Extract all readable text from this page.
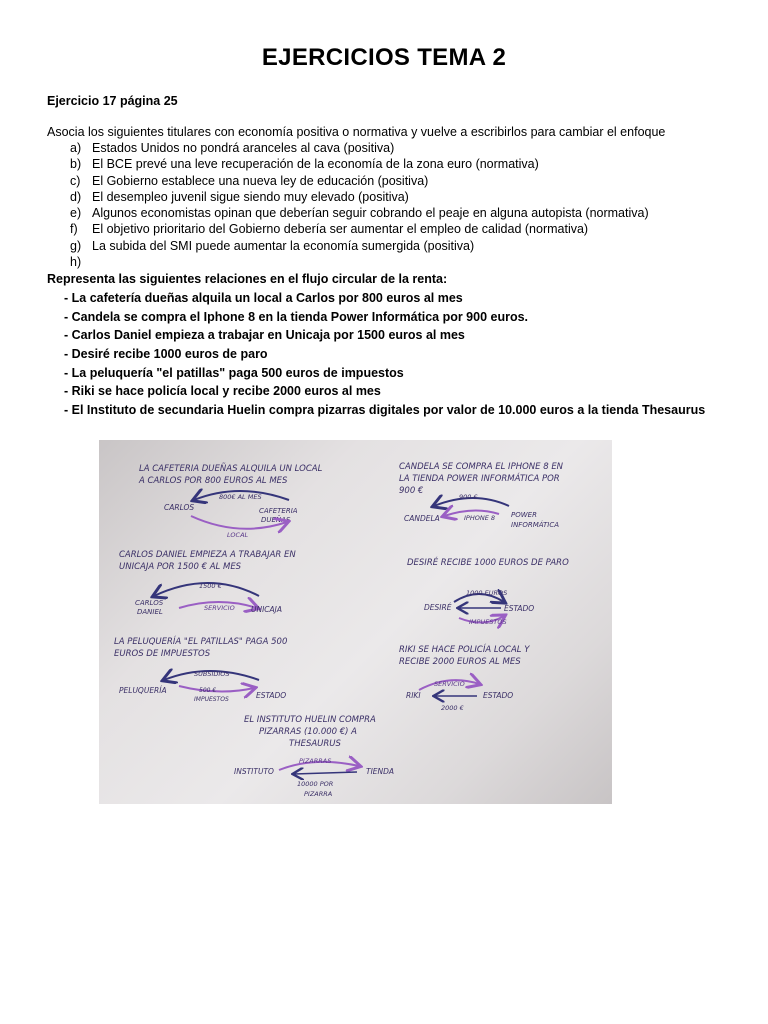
EJERCICIOS TEMA 2
Ejercicio 17 página 25
Asocia los siguientes titulares con economía positiva o normativa y vuelve a escribirlos para cambiar el enfoque
a) Estados Unidos no pondrá aranceles al cava (positiva)
b) El BCE prevé una leve recuperación de la economía de la zona euro (normativa)
c) El Gobierno establece una nueva ley de educación (positiva)
d) El desempleo juvenil sigue siendo muy elevado (positiva)
e) Algunos economistas opinan que deberían seguir cobrando el peaje en alguna autopista (normativa)
f)	El objetivo prioritario del Gobierno debería ser aumentar el empleo de calidad (normativa)
g) La subida del SMI puede aumentar la economía sumergida (positiva)
h)
Representa las siguientes relaciones en el flujo circular de la renta:
- La cafetería dueñas alquila un local a Carlos por 800 euros al mes
- Candela se compra el Iphone 8 en la tienda Power Informática por 900 euros.
- Carlos Daniel empieza a trabajar en Unicaja por 1500 euros al mes
- Desiré recibe 1000 euros de paro
- La peluquería "el patillas" paga 500 euros de impuestos
- Riki se hace policía local y recibe 2000 euros al mes
- El Instituto de secundaria Huelin compra pizarras digitales por valor de 10.000 euros a la tienda Thesaurus
LA CAFETERIA DUEÑAS ALQUILA UN LOCAL
A CARLOS POR 800 EUROS AL MES
800€ AL MES
CARLOS	CAFETERIA
DUEÑAS
LOCAL
CANDELA SE COMPRA EL IPHONE 8 EN
LA TIENDA POWER INFORMÁTICA POR
900 €
900 €
CANDELA	IPHONE 8 POWER
INFORMÁTICA
CARLOS DANIEL EMPIEZA A TRABAJAR EN
UNICAJA POR 1500 € AL MES
1500 €
CARLOS
DANIEL	SERVICIO UNICAJA
DESIRÉ RECIBE 1000 EUROS DE PARO
1000 EUROS
DESIRÉ	ESTADO
IMPUESTOS
LA PELUQUERÍA "EL PATILLAS" PAGA 500
EUROS DE IMPUESTOS
SUBSIDIOS
PELUQUERÍA	500 €
IMPUESTOS	ESTADO
RIKI SE HACE POLICÍA LOCAL Y
RECIBE 2000 EUROS AL MES
SERVICIO
RIKI	ESTADO
2000 €
EL INSTITUTO HUELIN COMPRA
PIZARRAS (10.000 €) A
THESAURUS
PIZARRAS
INSTITUTO	TIENDA
10000 POR
PIZARRA
